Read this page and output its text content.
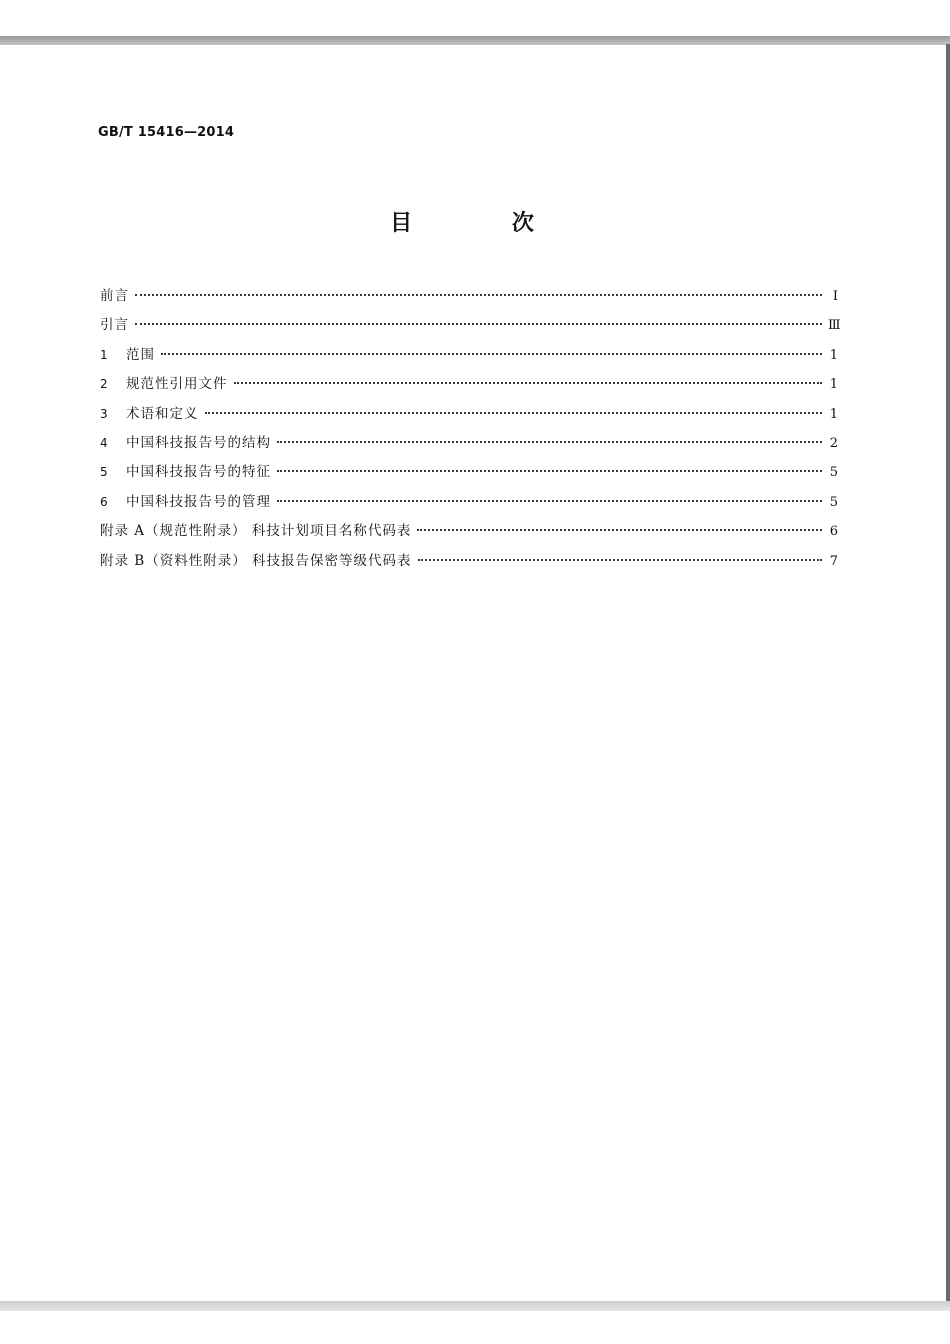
GB/T 15416—2014
目 次
前言	Ⅰ
引言	Ⅲ
1	范围	1
2	规范性引用文件	1
3	术语和定义	1
4	中国科技报告号的结构	2
5	中国科技报告号的特征	5
6	中国科技报告号的管理	5
附录 A（规范性附录） 科技计划项目名称代码表	6
附录 B（资料性附录） 科技报告保密等级代码表	7
